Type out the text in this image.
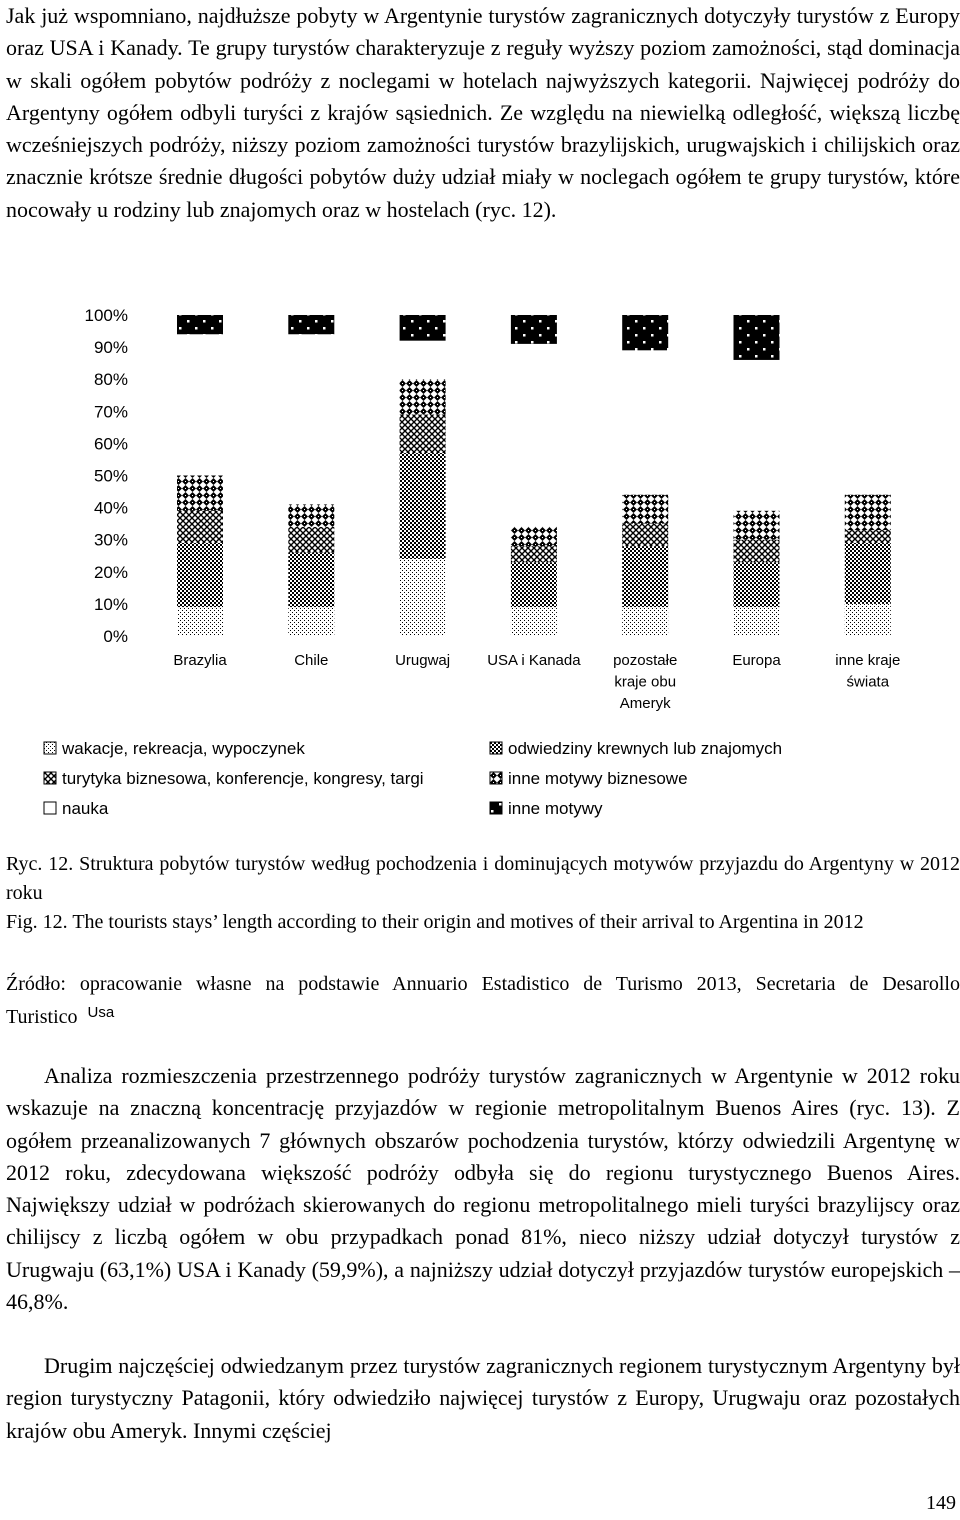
Jak już wspomniano, najdłuższe pobyty w Argentynie turystów zagranicznych dotyczyły turystów z Europy oraz USA i Kanady. Te grupy turystów charakteryzuje z reguły wyższy poziom zamożności, stąd dominacja w skali ogółem pobytów podróży z noclegami w hotelach najwyższych kategorii. Najwięcej podróży do Argentyny ogółem odbyli turyści z krajów sąsiednich. Ze względu na niewielką odległość, większą liczbę wcześniejszych podróży, niższy poziom zamożności turystów brazylijskich, urugwajskich i chilijskich oraz znacznie krótsze średnie długości pobytów duży udział miały w noclegach ogółem te grupy turystów, które nocowały u rodziny lub znajomych oraz w hostelach (ryc. 12).

0%
10%
20%
30%
40%
50%
60%
70%
80%
90%
100%
Brazylia	Chile	Urugwaj USA i Kanada pozostałe
kraje obu
Ameryk
Europa	inne kraje
świata
wakacje, rekreacja, wypoczynek	odwiedziny krewnych lub znajomych
turytyka biznesowa, konferencje, kongresy, targi	inne motywy biznesowe
nauka	inne motywy

Ryc. 12. Struktura pobytów turystów według pochodzenia i dominujących motywów przyjazdu do Argentyny w 2012 roku

Fig. 12. The tourists stays’ length according to their origin and motives of their arrival to Argentina in 2012

Źródło: opracowanie własne na podstawie Annuario Estadistico de Turismo 2013, Secretaria de Desarollo Turistico $^{Usa}$

Analiza rozmieszczenia przestrzennego podróży turystów zagranicznych w Argentynie w 2012 roku wskazuje na znaczną koncentrację przyjazdów w regionie metropolitalnym Buenos Aires (ryc. 13). Z ogółem przeanalizowanych 7 głównych obszarów pochodzenia turystów, którzy odwiedzili Argentynę w 2012 roku, zdecydowana większość podróży odbyła się do regionu turystycznego Buenos Aires. Największy udział w podróżach skierowanych do regionu metropolitalnego mieli turyści brazylijscy oraz chilijscy z liczbą ogółem w obu przypadkach ponad 81%, nieco niższy udział dotyczył turystów z Urugwaju (63,1%) USA i Kanady (59,9%), a najniższy udział dotyczył przyjazdów turystów europejskich – 46,8%.

Drugim najczęściej odwiedzanym przez turystów zagranicznych regionem turystycznym Argentyny był region turystyczny Patagonii, który odwiedziło najwięcej turystów z Europy, Urugwaju oraz pozostałych krajów obu Ameryk. Innymi częściej

149
